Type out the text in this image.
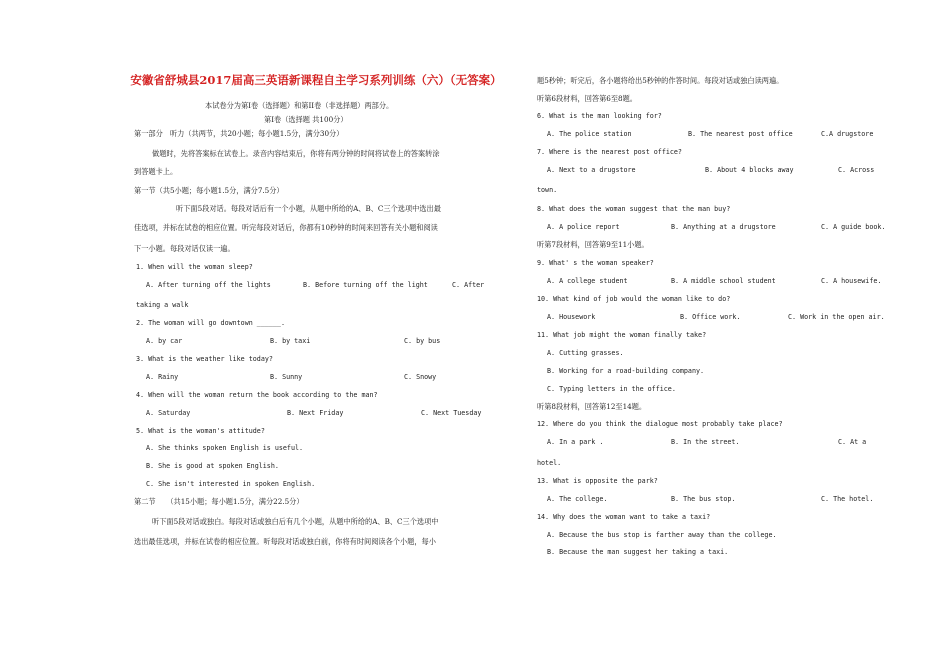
安徽省舒城县2017届高三英语新课程自主学习系列训练（六）（无答案）
本试卷分为第I卷（选择题）和第II卷（非选择题）两部分。
第I卷（选择题 共100分）
第一部分　听力（共两节，共20小题；每小题1.5分，满分30分）
做题时，先将答案标在试卷上。录音内容结束后，你将有两分钟的时间将试卷上的答案转涂
到答题卡上。
第一节（共5小题；每小题1.5分，满分7.5分）
听下面5段对话。每段对话后有一个小题，从题中所给的A、B、C三个选项中选出最
佳选项，并标在试卷的相应位置。听完每段对话后，你都有10秒钟的时间来回答有关小题和阅读
下一小题。每段对话仅读一遍。
1. When will the woman sleep?
A. After turning off the lights	B. Before turning off the light	C. After
taking a walk
2. The woman will go downtown ______.
A. by car	B. by taxi	C. by bus
3. What is the weather like today?
A. Rainy	B. Sunny	C. Snowy
4. When will the woman return the book according to the man?
A. Saturday	B. Next Friday	C. Next Tuesday
5. What is the woman's attitude?
A. She thinks spoken English is useful.
B. She is good at spoken English.
C. She isn't interested in spoken English.
第二节　　（共15小题；每小题1.5分，满分22.5分）
听下面5段对话或独白。每段对话或独白后有几个小题，从题中所给的A、B、C三个选项中
选出最佳选项，并标在试卷的相应位置。听每段对话或独白前，你将有时间阅读各个小题，每小
题5秒钟；听完后，各小题将给出5秒钟的作答时间。每段对话或独白读两遍。
听第6段材料，回答第6至8题。
6. What is the man looking for?
A. The police station	B. The nearest post office	C.A drugstore
7. Where is the nearest post office?
A. Next to a drugstore	B. About 4 blocks away	C. Across
town.
8. What does the woman suggest that the man buy?
A. A police report	B. Anything at a drugstore	C. A guide book.
听第7段材料，回答第9至11小题。
9. What' s the woman speaker?
A. A college student	B. A middle school student	C. A housewife.
10. What kind of job would the woman like to do?
A. Housework	B. Office work.	C. Work in the open air.
11. What job might the woman finally take?
A. Cutting grasses.
B. Working for a road-building company.
C. Typing letters in the office.
听第8段材料，回答第12至14题。
12. Where do you think the dialogue most probably take place?
A. In a park .	B. In the street.	C. At a
hotel.
13. What is opposite the park?
A. The college.	B. The bus stop.	C. The hotel.
14. Why does the woman want to take a taxi?
A. Because the bus stop is farther away than the college.
B. Because the man suggest her taking a taxi.
